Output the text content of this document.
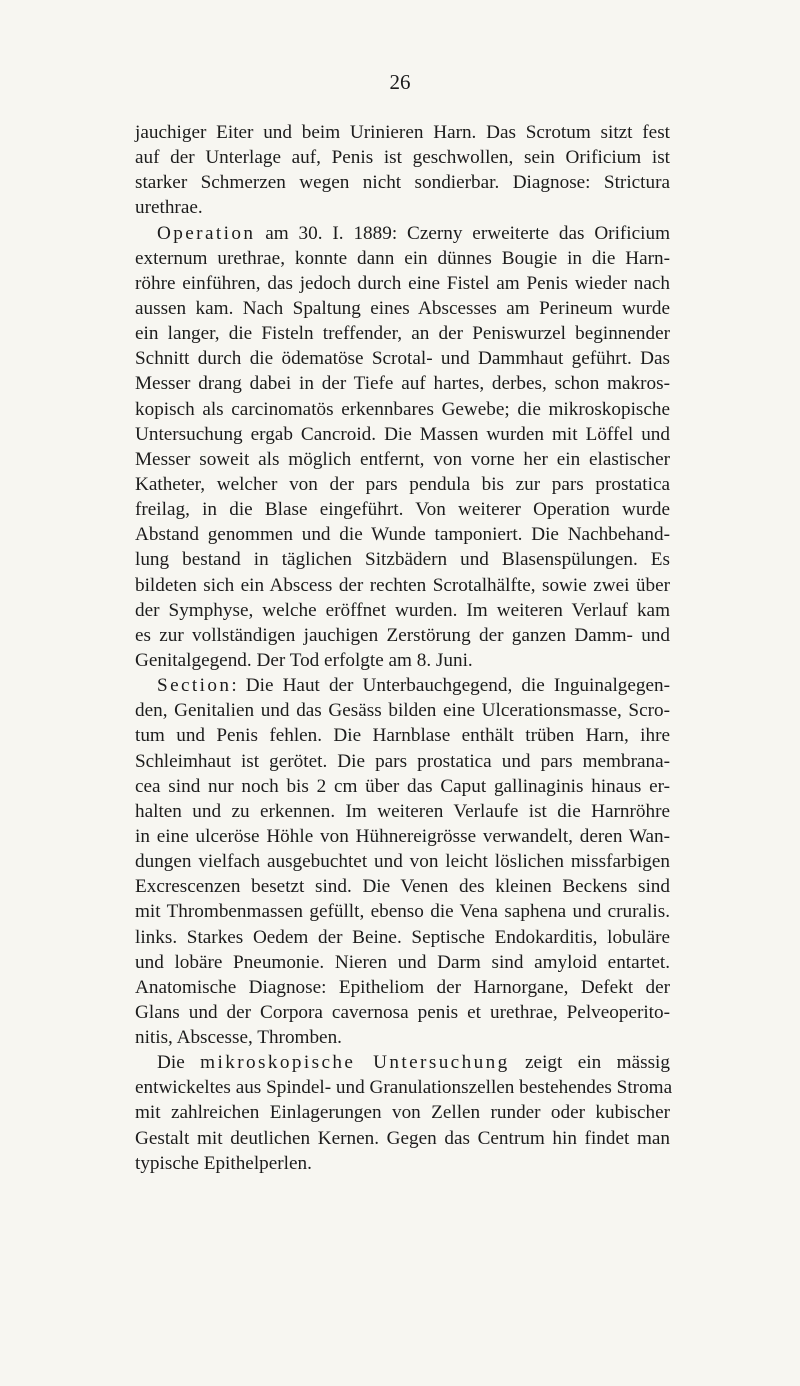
26
jauchiger Eiter und beim Urinieren Harn. Das Scrotum sitzt fest
auf der Unterlage auf, Penis ist geschwollen, sein Orificium ist
starker Schmerzen wegen nicht sondierbar. Diagnose: Strictura
urethrae.
Operation am 30. I. 1889: Czerny erweiterte das Orificium
externum urethrae, konnte dann ein dünnes Bougie in die Harn-
röhre einführen, das jedoch durch eine Fistel am Penis wieder nach
aussen kam. Nach Spaltung eines Abscesses am Perineum wurde
ein langer, die Fisteln treffender, an der Peniswurzel beginnender
Schnitt durch die ödematöse Scrotal- und Dammhaut geführt. Das
Messer drang dabei in der Tiefe auf hartes, derbes, schon makros-
kopisch als carcinomatös erkennbares Gewebe; die mikroskopische
Untersuchung ergab Cancroid. Die Massen wurden mit Löffel und
Messer soweit als möglich entfernt, von vorne her ein elastischer
Katheter, welcher von der pars pendula bis zur pars prostatica
freilag, in die Blase eingeführt. Von weiterer Operation wurde
Abstand genommen und die Wunde tamponiert. Die Nachbehand-
lung bestand in täglichen Sitzbädern und Blasenspülungen. Es
bildeten sich ein Abscess der rechten Scrotalhälfte, sowie zwei über
der Symphyse, welche eröffnet wurden. Im weiteren Verlauf kam
es zur vollständigen jauchigen Zerstörung der ganzen Damm- und
Genitalgegend. Der Tod erfolgte am 8. Juni.
Section: Die Haut der Unterbauchgegend, die Inguinalgegen-
den, Genitalien und das Gesäss bilden eine Ulcerationsmasse, Scro-
tum und Penis fehlen. Die Harnblase enthält trüben Harn, ihre
Schleimhaut ist gerötet. Die pars prostatica und pars membrana-
cea sind nur noch bis 2 cm über das Caput gallinaginis hinaus er-
halten und zu erkennen. Im weiteren Verlaufe ist die Harnröhre
in eine ulceröse Höhle von Hühnereigrösse verwandelt, deren Wan-
dungen vielfach ausgebuchtet und von leicht löslichen missfarbigen
Excrescenzen besetzt sind. Die Venen des kleinen Beckens sind
mit Thrombenmassen gefüllt, ebenso die Vena saphena und cruralis.
links. Starkes Oedem der Beine. Septische Endokarditis, lobuläre
und lobäre Pneumonie. Nieren und Darm sind amyloid entartet.
Anatomische Diagnose: Epitheliom der Harnorgane, Defekt der
Glans und der Corpora cavernosa penis et urethrae, Pelveoperito-
nitis, Abscesse, Thromben.
Die mikroskopische Untersuchung zeigt ein mässig
entwickeltes aus Spindel- und Granulationszellen bestehendes Stroma
mit zahlreichen Einlagerungen von Zellen runder oder kubischer
Gestalt mit deutlichen Kernen. Gegen das Centrum hin findet man
typische Epithelperlen.
